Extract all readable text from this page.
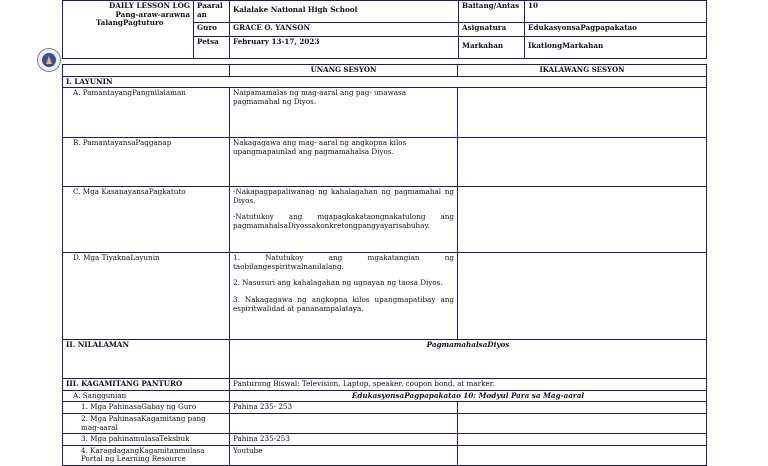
DAILY LESSON LOG
Pang-araw-arawna
TalangPagtuturo	Paaral an	Kalalake National High School	Baitang/Antas	10
	Guro	GRACE O. YANSON	Asignatura	EdukasyonsaPagpapakatao
	Petsa	February 13-17, 2023	Markahan	IkatlongMarkahan
	UNANG SESYON	IKALAWANG SESYON
I. LAYUNIN		
A. PamantayangPangnilalaman	Naipamamalas ng mag-aaral ang pag- unawasa pagmamahal ng Diyos.	
B. PamantayansaPagganap	Nakagagawa ang mag- aaral ng angkopna kilos upangmapaunlad ang pagmamahalsa Diyos.	
C. Mga KasanayansaPagkatuto	-Nakapagpapaliwanag ng kahalagahan ng pagmamahal ng Diyos.

-Natutukoy ang mgapagkakataongnakatulong ang pagmamahalsaDiyossakonkretongpangyayarisabuhay.	

D. Mga TiyaknaLayunin	1. Natutukoy ang mgakatangian ng taobilangespiritwalnanilalang.

2. Nasusuri ang kahalagahan ng ugnayan ng taosa Diyos.

3. Nakagagawa ng angkopna kilos upangmapatibay ang espiritwalidad at pananampalataya.	

II. NILALAMAN	PagmamahalsaDiyos	
III. KAGAMITANG PANTURO	Panturong Biswal: Television, Laptop, speaker, coupon bond, at marker.	
A. Sanggunian	EdukasyonsaPagpapakatao 10: Modyul Para sa Mag-aaral	
1. Mga PahinasaGabay ng Guro	Pahina 235- 253	
2. Mga PahinasaKagamitang pang mag-aaral		
3. Mga pahinamulasaTeksbuk	Pahina 235-253	
4. KaragdagangKagamitanmulasa Portal ng Learning Resource	Youtube	
